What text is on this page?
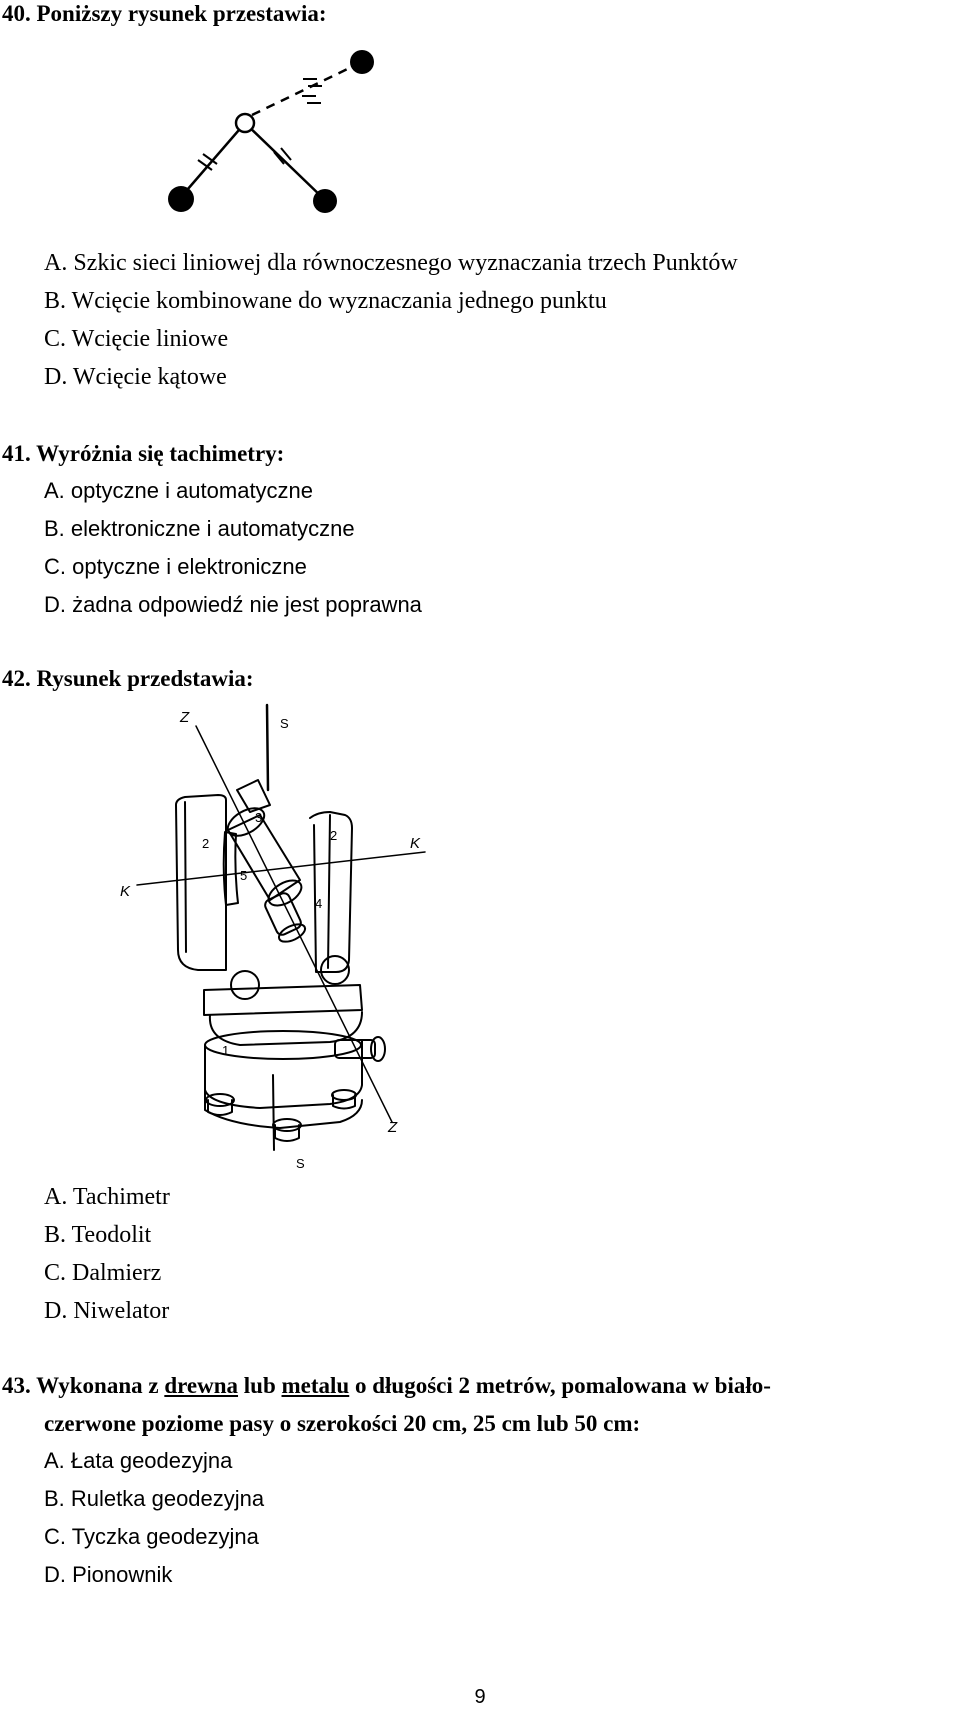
40. Poniższy rysunek przestawia:
A. Szkic sieci liniowej dla równoczesnego wyznaczania trzech Punktów
B. Wcięcie kombinowane do wyznaczania jednego punktu
C. Wcięcie liniowe
D. Wcięcie kątowe
41. Wyróżnia się tachimetry:
A. optyczne i automatyczne
B. elektroniczne i automatyczne
C. optyczne i elektroniczne
D. żadna odpowiedź nie jest poprawna
42. Rysunek przedstawia:
Z	S
K
K
Z
S
1
2
2
3
4
5
A. Tachimetr
B. Teodolit
C. Dalmierz
D. Niwelator
43. Wykonana z drewna lub metalu o długości 2 metrów, pomalowana w biało-
czerwone poziome pasy o szerokości 20 cm, 25 cm lub 50 cm:
A. Łata geodezyjna
B. Ruletka geodezyjna
C. Tyczka geodezyjna
D. Pionownik
9
